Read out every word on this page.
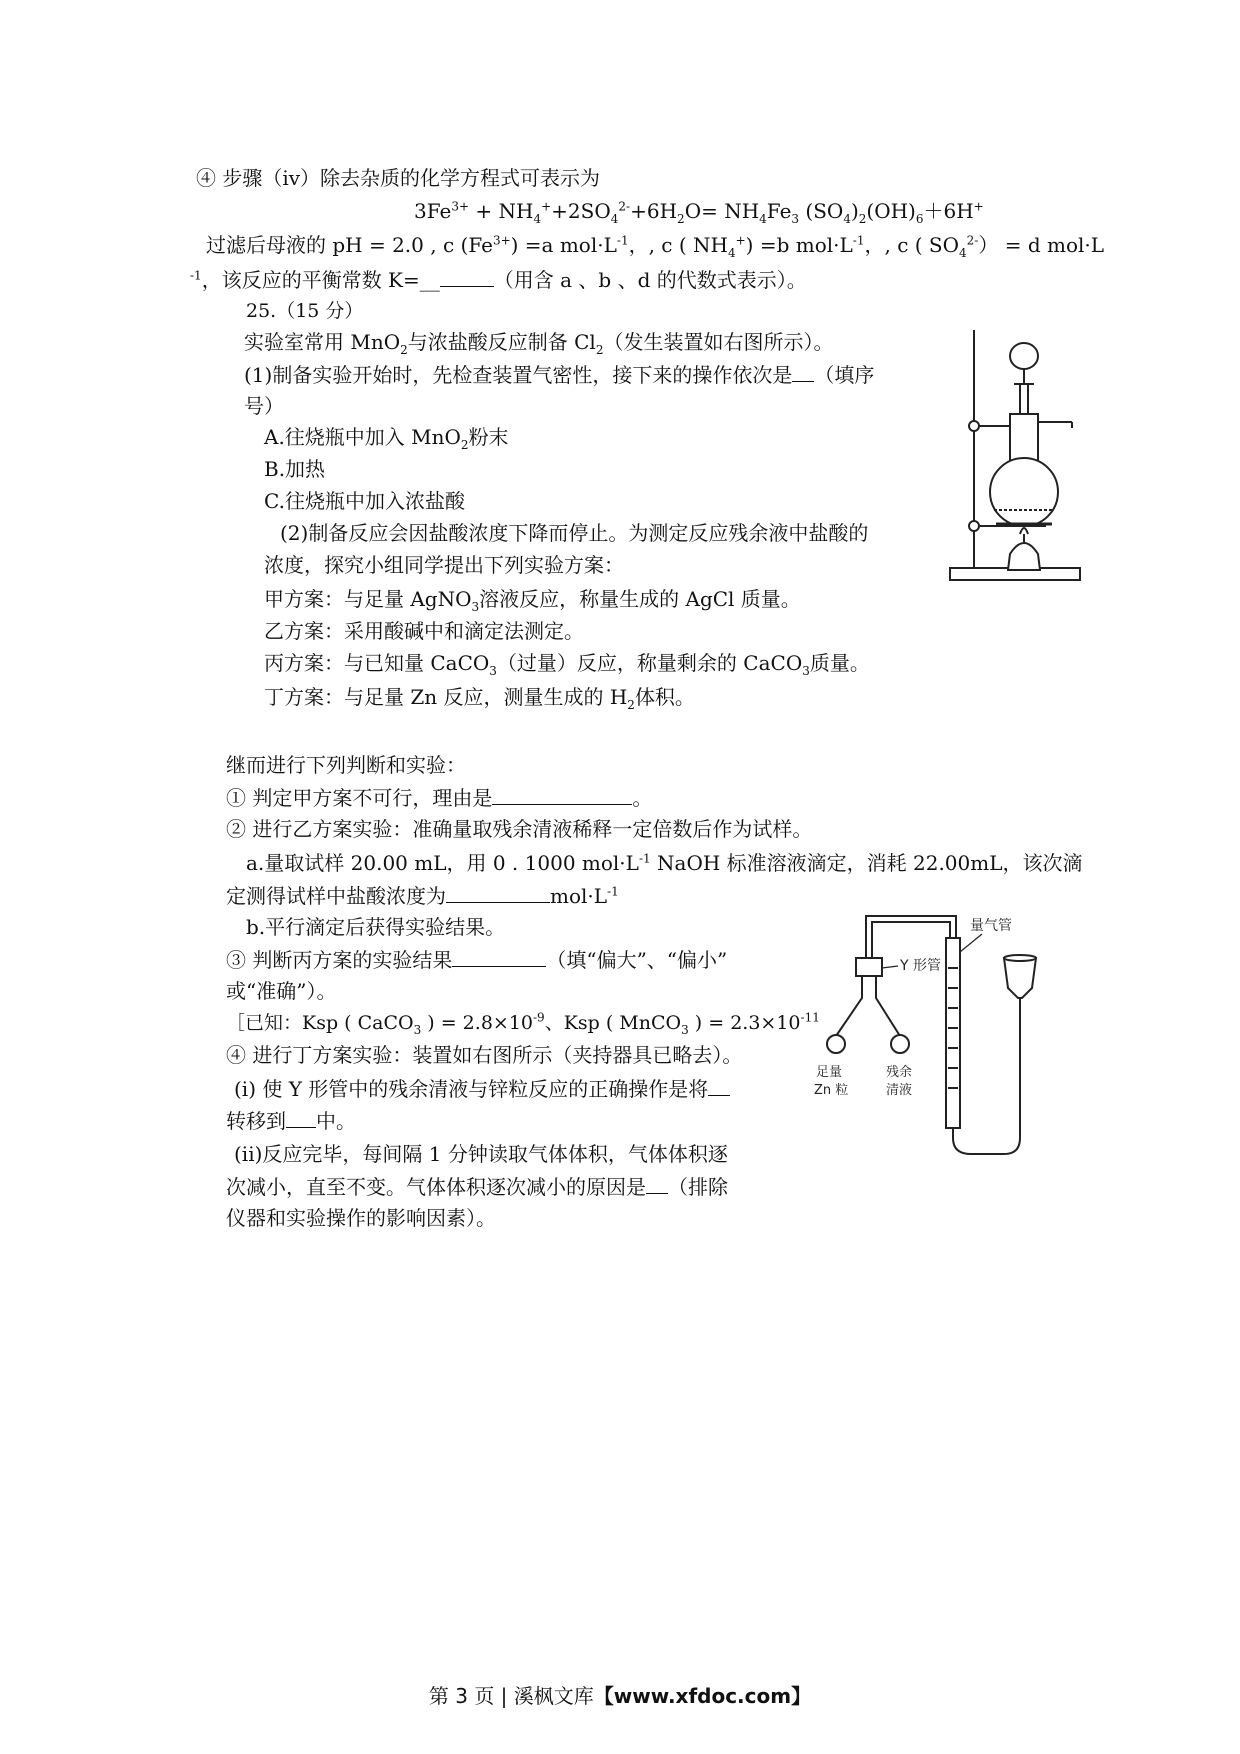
④ 步骤（iv）除去杂质的化学方程式可表示为
$3Fe^{3+} + NH_4^++2SO_4^{2-}+6H_2O= NH_4Fe_3$ $(SO_4)_2(OH)_6+6H^+$
过滤后母液的 pH = 2.0 , c $(Fe^{3+}) =a$ $mol\cdot L^{-1}$，, c ( $NH_4^+) =b$ $mol\cdot L^{-1}$，, c ( $SO_4^{2-}) = d$ mol·L
$^{-1}$，该反应的平衡常数 K=__	（用含 a 、b 、d 的代数式表示）。
25.（15 分）
实验室常用 MnO$_2$与浓盐酸反应制备 $Cl_2$（发生装置如右图所示）。
(1)制备实验开始时，先检查装置气密性，接下来的操作依次是 （填序
号）
A.往烧瓶中加入 MnO$_2$粉末
B.加热
C.往烧瓶中加入浓盐酸
(2)制备反应会因盐酸浓度下降而停止。为测定反应残余液中盐酸的
浓度，探究小组同学提出下列实验方案：
甲方案：与足量 AgNO$_3$溶液反应，称量生成的 AgCl 质量。
乙方案：采用酸碱中和滴定法测定。
丙方案：与已知量 CaCO$_3$（过量）反应，称量剩余的 CaCO$_3$质量。
丁方案：与足量 Zn 反应，测量生成的 $H_2$体积。
继而进行下列判断和实验：
① 判定甲方案不可行，理由是	。
② 进行乙方案实验：准确量取残余清液稀释一定倍数后作为试样。
a.量取试样 20.00 mL，用 0 . 1000 $mol\cdot L^{-1}$ NaOH 标准溶液滴定，消耗 22.00mL，该次滴
定测得试样中盐酸浓度为	$mol\cdot L^{-1}$
b.平行滴定后获得实验结果。
③ 判断丙方案的实验结果	（填“偏大”、“偏小”
或“准确”）。
［已知：Ksp ( CaCO$_3$ ) = $2.8\times 10^{-9}$、Ksp ( MnCO$_3$ ) = $2.3\times 10^{-11}$
④ 进行丁方案实验：装置如右图所示（夹持器具已略去）。
(i) 使 Y 形管中的残余清液与锌粒反应的正确操作是将
转移到 中。
(ii)反应完毕，每间隔 1 分钟读取气体体积，气体体积逐
次减小，直至不变。气体体积逐次减小的原因是 （排除
仪器和实验操作的影响因素）。
量气管
Y 形管
足量
Zn 粒
残余
清液
第 3 页 | 溪枫文库【www.xfdoc.com】
